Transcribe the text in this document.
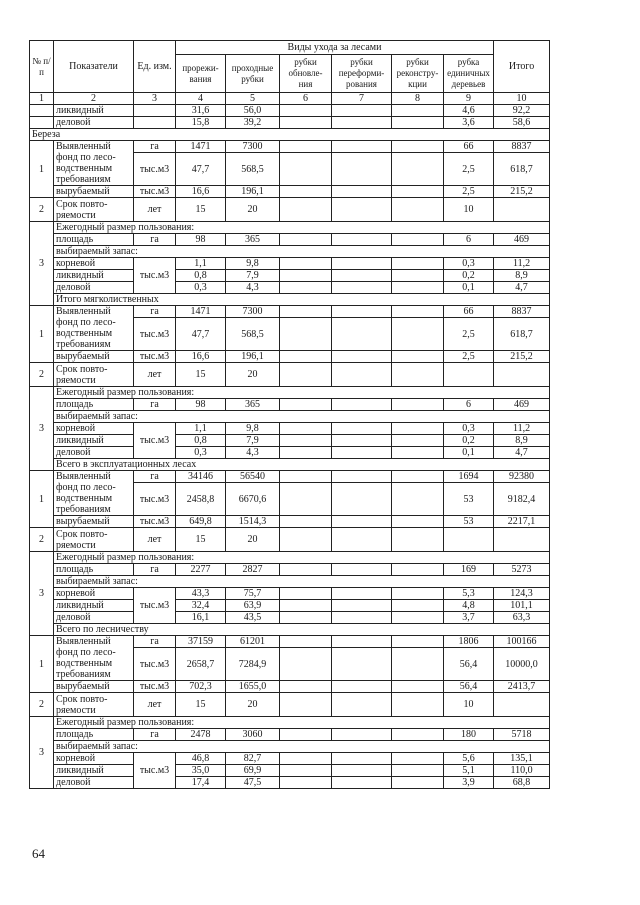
№ п/п	Показатели	Ед. изм.	Виды ухода за лесами						Итого
			прорежи-вания	проходные рубки	рубки обновле-ния	рубки переформи-рования	рубки реконстру-кции	рубка единичных деревьев	
1	2	3	4	5	6	7	8	9	10
	ликвидный		31,6	56,0				4,6	92,2
	деловой		15,8	39,2				3,6	58,6
Береза									
1	Выявленный фонд по лесо-водственным требованиям	га	1471	7300				66	8837
		тыс.м3	47,7	568,5				2,5	618,7
	вырубаемый	тыс.м3	16,6	196,1				2,5	215,2
2	Срок повто-ряемости	лет	15	20				10	
3	Ежегодный размер пользования:								
	площадь	га	98	365				6	469
	выбираемый запас:								
	корневой	тыс.м3	1,1	9,8				0,3	11,2
	ликвидный		0,8	7,9				0,2	8,9
	деловой		0,3	4,3				0,1	4,7
	Итого мягколиственных								
1	Выявленный фонд по лесо-водственным требованиям	га	1471	7300				66	8837
		тыс.м3	47,7	568,5				2,5	618,7
	вырубаемый	тыс.м3	16,6	196,1				2,5	215,2
2	Срок повто-ряемости	лет	15	20					
3	Ежегодный размер пользования:								
	площадь	га	98	365				6	469
	выбираемый запас:								
	корневой	тыс.м3	1,1	9,8				0,3	11,2
	ликвидный		0,8	7,9				0,2	8,9
	деловой		0,3	4,3				0,1	4,7
	Всего в эксплуатационных лесах								
1	Выявленный фонд по лесо-водственным требованиям	га	34146	56540				1694	92380
		тыс.м3	2458,8	6670,6				53	9182,4
	вырубаемый	тыс.м3	649,8	1514,3				53	2217,1
2	Срок повто-ряемости	лет	15	20					
3	Ежегодный размер пользования:								
	площадь	га	2277	2827				169	5273
	выбираемый запас:								
	корневой	тыс.м3	43,3	75,7				5,3	124,3
	ликвидный		32,4	63,9				4,8	101,1
	деловой		16,1	43,5				3,7	63,3
	Всего по лесничеству								
1	Выявленный фонд по лесо-водственным требованиям	га	37159	61201				1806	100166
		тыс.м3	2658,7	7284,9				56,4	10000,0
	вырубаемый	тыс.м3	702,3	1655,0				56,4	2413,7
2	Срок повто-ряемости	лет	15	20				10	
3	Ежегодный размер пользования:								
	площадь	га	2478	3060				180	5718
	выбираемый запас:								
	корневой	тыс.м3	46,8	82,7				5,6	135,1
	ликвидный		35,0	69,9				5,1	110,0
	деловой		17,4	47,5				3,9	68,8
64
